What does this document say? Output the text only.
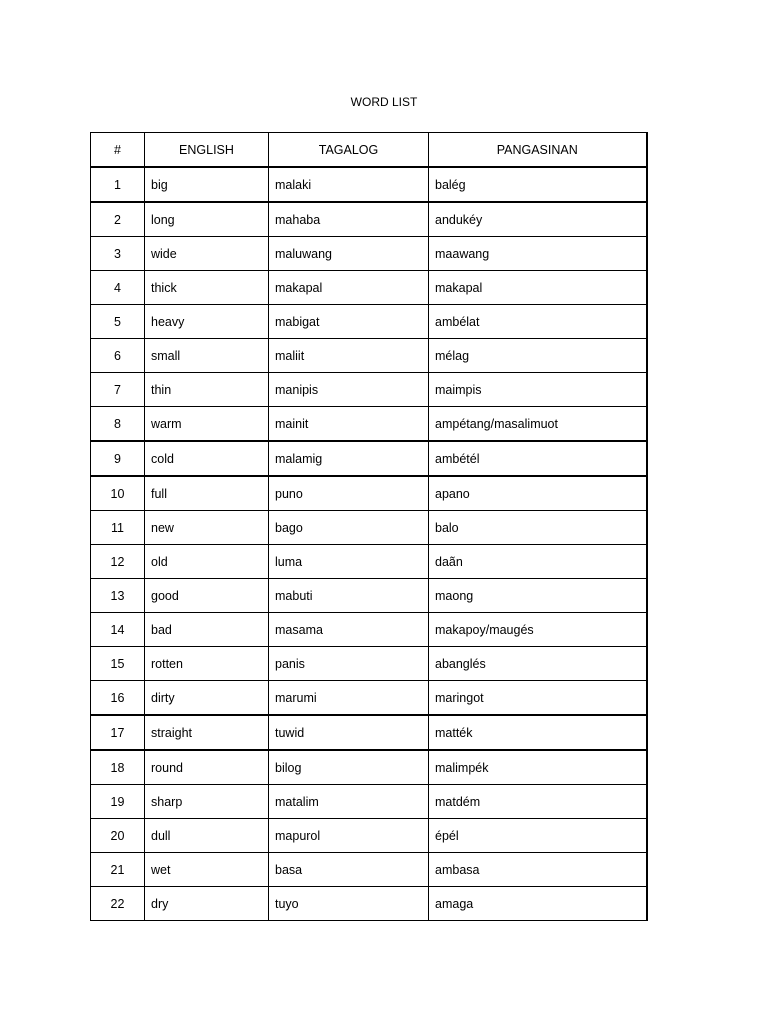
WORD LIST
#	ENGLISH	TAGALOG	PANGASINAN
1	big	malaki	balég
2	long	mahaba	andukéy
3	wide	maluwang	maawang
4	thick	makapal	makapal
5	heavy	mabigat	ambélat
6	small	maliit	mélag
7	thin	manipis	maimpis
8	warm	mainit	ampétang/masalimuot
9	cold	malamig	ambétél
10	full	puno	apano
11	new	bago	balo
12	old	luma	daãn
13	good	mabuti	maong
14	bad	masama	makapoy/maugés
15	rotten	panis	abanglés
16	dirty	marumi	maringot
17	straight	tuwid	matték
18	round	bilog	malimpék
19	sharp	matalim	matdém
20	dull	mapurol	épél
21	wet	basa	ambasa
22	dry	tuyo	amaga
